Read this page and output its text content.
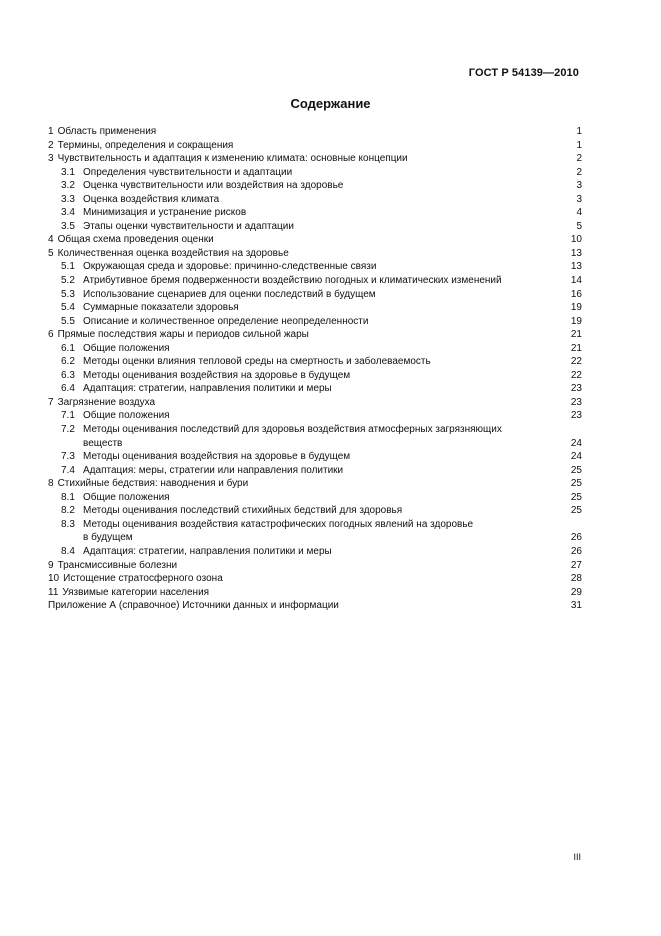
ГОСТ Р 54139—2010
Содержание
1 Область применения	1
2 Термины, определения и сокращения	1
3 Чувствительность и адаптация к изменению климата: основные концепции	2
3.1 Определения чувствительности и адаптации	2
3.2 Оценка чувствительности или воздействия на здоровье	3
3.3 Оценка воздействия климата	3
3.4 Минимизация и устранение рисков	4
3.5 Этапы оценки чувствительности и адаптации	5
4 Общая схема проведения оценки	10
5 Количественная оценка воздействия на здоровье	13
5.1 Окружающая среда и здоровье: причинно-следственные связи	13
5.2 Атрибутивное бремя подверженности воздействию погодных и климатических изменений	14
5.3 Использование сценариев для оценки последствий в будущем	16
5.4 Суммарные показатели здоровья	19
5.5 Описание и количественное определение неопределенности	19
6 Прямые последствия жары и периодов сильной жары	21
6.1 Общие положения	21
6.2 Методы оценки влияния тепловой среды на смертность и заболеваемость	22
6.3 Методы оценивания воздействия на здоровье в будущем	22
6.4 Адаптация: стратегии, направления политики и меры	23
7 Загрязнение воздуха	23
7.1 Общие положения	23
7.2 Методы оценивания последствий для здоровья воздействия атмосферных загрязняющих
веществ	24
7.3 Методы оценивания воздействия на здоровье в будущем	24
7.4 Адаптация: меры, стратегии или направления политики	25
8 Стихийные бедствия: наводнения и бури	25
8.1 Общие положения	25
8.2 Методы оценивания последствий стихийных бедствий для здоровья	25
8.3 Методы оценивания воздействия катастрофических погодных явлений на здоровье
в будущем	26
8.4 Адаптация: стратегии, направления политики и меры	26
9 Трансмиссивные болезни	27
10 Истощение стратосферного озона	28
11 Уязвимые категории населения	29
Приложение А (справочное) Источники данных и информации	31
III
